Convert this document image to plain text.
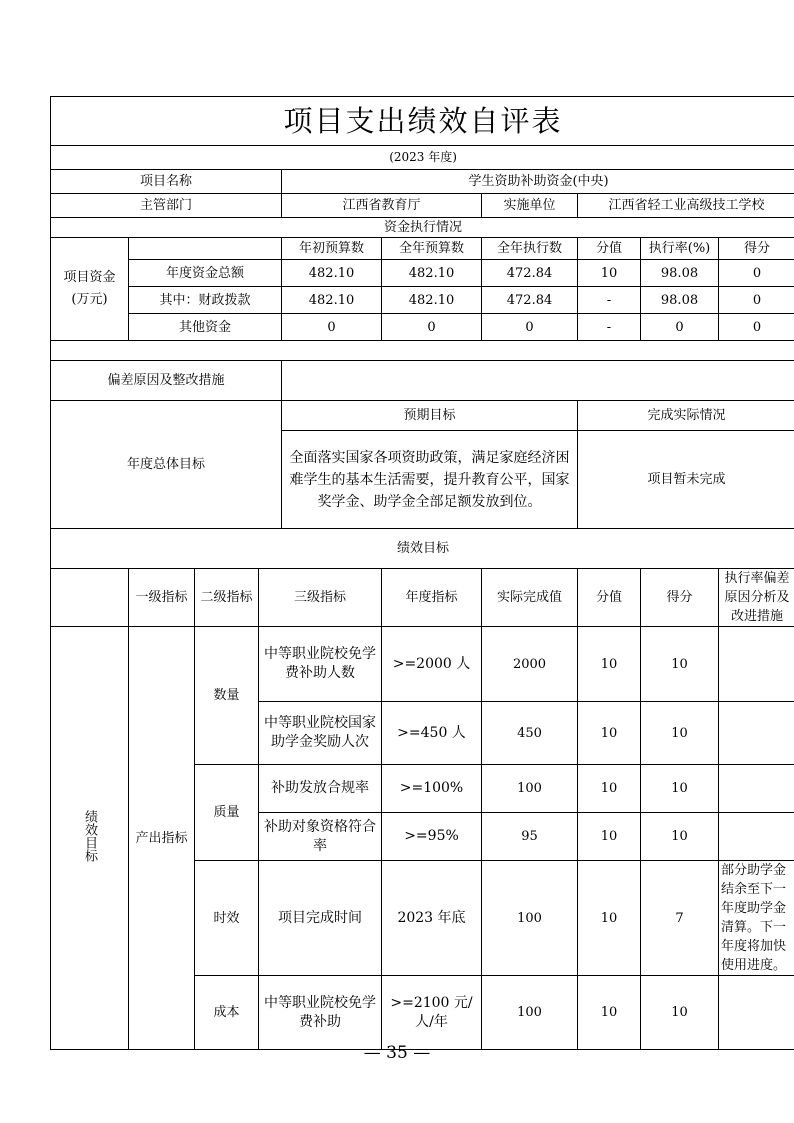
项目支出绩效自评表									
(2023 年度)									
项目名称				学生资助补助资金(中央)					
主管部门				江西省教育厅		实施单位	江西省轻工业高级技工学校		
资金执行情况									
项目资金
(万元)				年初预算数	全年预算数	全年执行数	分值	执行率(%)	得分
	年度资金总额			482.10	482.10	472.84	10	98.08	0
	其中：财政拨款			482.10	482.10	472.84	-	98.08	0
	其他资金			0	0	0	-	0	0

偏差原因及整改措施									
年度总体目标				预期目标			完成实际情况		
				全面落实国家各项资助政策，满足家庭经济困难学生的基本生活需要，提升教育公平，国家奖学金、助学金全部足额发放到位。			项目暂未完成		
绩效目标									
	一级指标	二级指标	三级指标		年度指标	实际完成值	分值	得分	执行率偏差原因分析及改进措施
绩效目标	产出指标	数量	中等职业院校免学费补助人数		>=2000 人	2000	10	10	
			中等职业院校国家助学金奖励人次		>=450 人	450	10	10	
		质量	补助发放合规率		>=100%	100	10	10	
			补助对象资格符合率		>=95%	95	10	10	
		时效	项目完成时间		2023 年底	100	10	7	部分助学金结余至下一年度助学金清算。下一年度将加快使用进度。
		成本	中等职业院校免学费补助		>=2100 元/人/年	100	10	10	
— 35 —
